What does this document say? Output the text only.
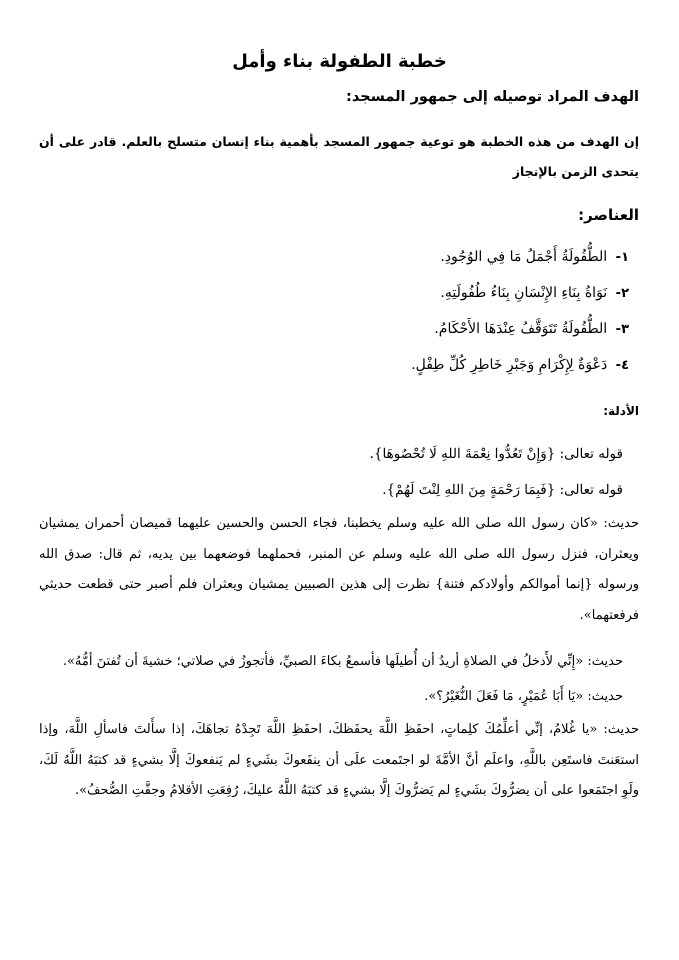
خطبة الطفولة بناء وأمل
الهدف المراد توصيله إلى جمهور المسجد:

إن الهدف من هذه الخطبة هو توعية جمهور المسجد بأهمية بناء إنسان متسلح بالعلم. قادر على أن يتحدى الزمن بالإنجاز

العناصر:
١- الطُّفُولَةُ أَجْمَلُ مَا فِي الوُجُودِ.
٢- نَوَاةُ بِنَاءِ الإِنْسَانِ بِنَاءُ طُفُولَتِهِ.
٣- الطُّفُولَةُ تَتَوَقَّفُ عِنْدَهَا الأَحْكَامُ.
٤- دَعْوَةٌ لِإِكْرَامِ وَجَبْرِ خَاطِرِ كُلِّ طِفْلٍ.
الأدلة:

قوله تعالى: {وَإِنْ تَعُدُّوا نِعْمَةَ اللهِ لَا تُحْصُوهَا}.

قوله تعالى: {فَبِمَا رَحْمَةٍ مِنَ اللهِ لِنْتَ لَهُمْ}.

حديث: «كان رسول الله صلى الله عليه وسلم يخطبنا، فجاء الحسن والحسين عليهما قميصان أحمران يمشيان ويعثران، فنزل رسول الله صلى الله عليه وسلم عن المنبر، فحملهما فوضعهما بين يديه، ثم قال: صدق الله ورسوله {إنما أموالكم وأولادكم فتنة} نظرت إلى هذين الصبيين يمشيان ويعثران فلم أصبر حتى قطعت حديثي فرفعتهما».

حديث: «إِنِّي لأَدخلُ في الصلاةِ أريدُ أن أُطيلَها فأسمعُ بكاءَ الصبيِّ، فأتجوزُ في صلاتي؛ خشيةَ أن تُفتنَ أمُّهُ».

حديث: «يَا أَبَا عُمَيْرٍ، مَا فَعَلَ النُّغَيْرُ؟».

حديث: «يا غُلامُ، إنِّي أعلِّمُكَ كلِماتٍ، احفَظِ اللَّهَ يحفَظكَ، احفَظِ اللَّهَ تَجِدْهُ تجاهَكَ، إذا سأَلتَ فاسألِ اللَّهَ، وإذا استعَنتَ فاستَعِن باللَّهِ، واعلَم أنَّ الأمَّةَ لو اجتَمعت علَى أن ينفَعوكَ بشَيءٍ لم يَنفعوكَ إلَّا بشيءٍ قد كتبَهُ اللَّهُ لَكَ، ولَوِ اجتَمَعوا على أن يضرُّوكَ بشَيءٍ لم يَضرُّوكَ إلَّا بشيءٍ قد كتبَهُ اللَّهُ عليكَ، رُفِعَتِ الأقلامُ وجفَّتِ الصُّحفُ».
